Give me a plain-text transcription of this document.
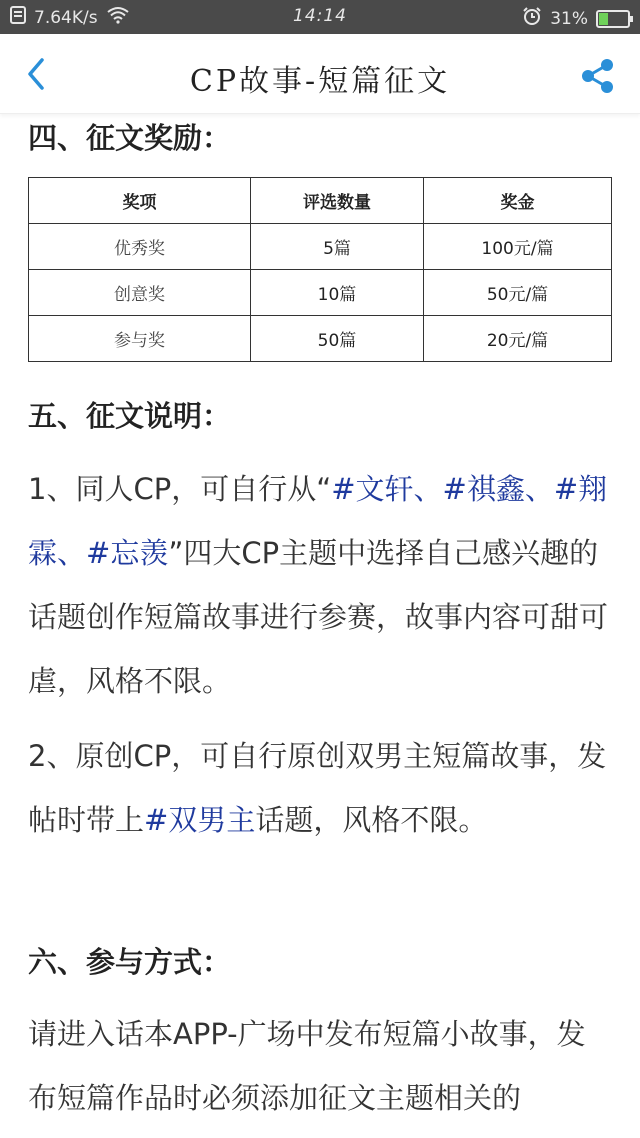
7.64K/s	14:14	31%
CP故事-短篇征文
四、征文奖励：
奖项	评选数量	奖金
优秀奖	5篇	100元/篇
创意奖	10篇	50元/篇
参与奖	50篇	20元/篇
五、征文说明：

1、同人CP，可自行从“#文轩、#祺鑫、#翔霖、#忘羡”四大CP主题中选择自己感兴趣的话题创作短篇故事进行参赛，故事内容可甜可虐，风格不限。

2、原创CP，可自行原创双男主短篇故事，发帖时带上#双男主话题，风格不限。

六、参与方式：

请进入话本APP-广场中发布短篇小故事，发布短篇作品时必须添加征文主题相关的
